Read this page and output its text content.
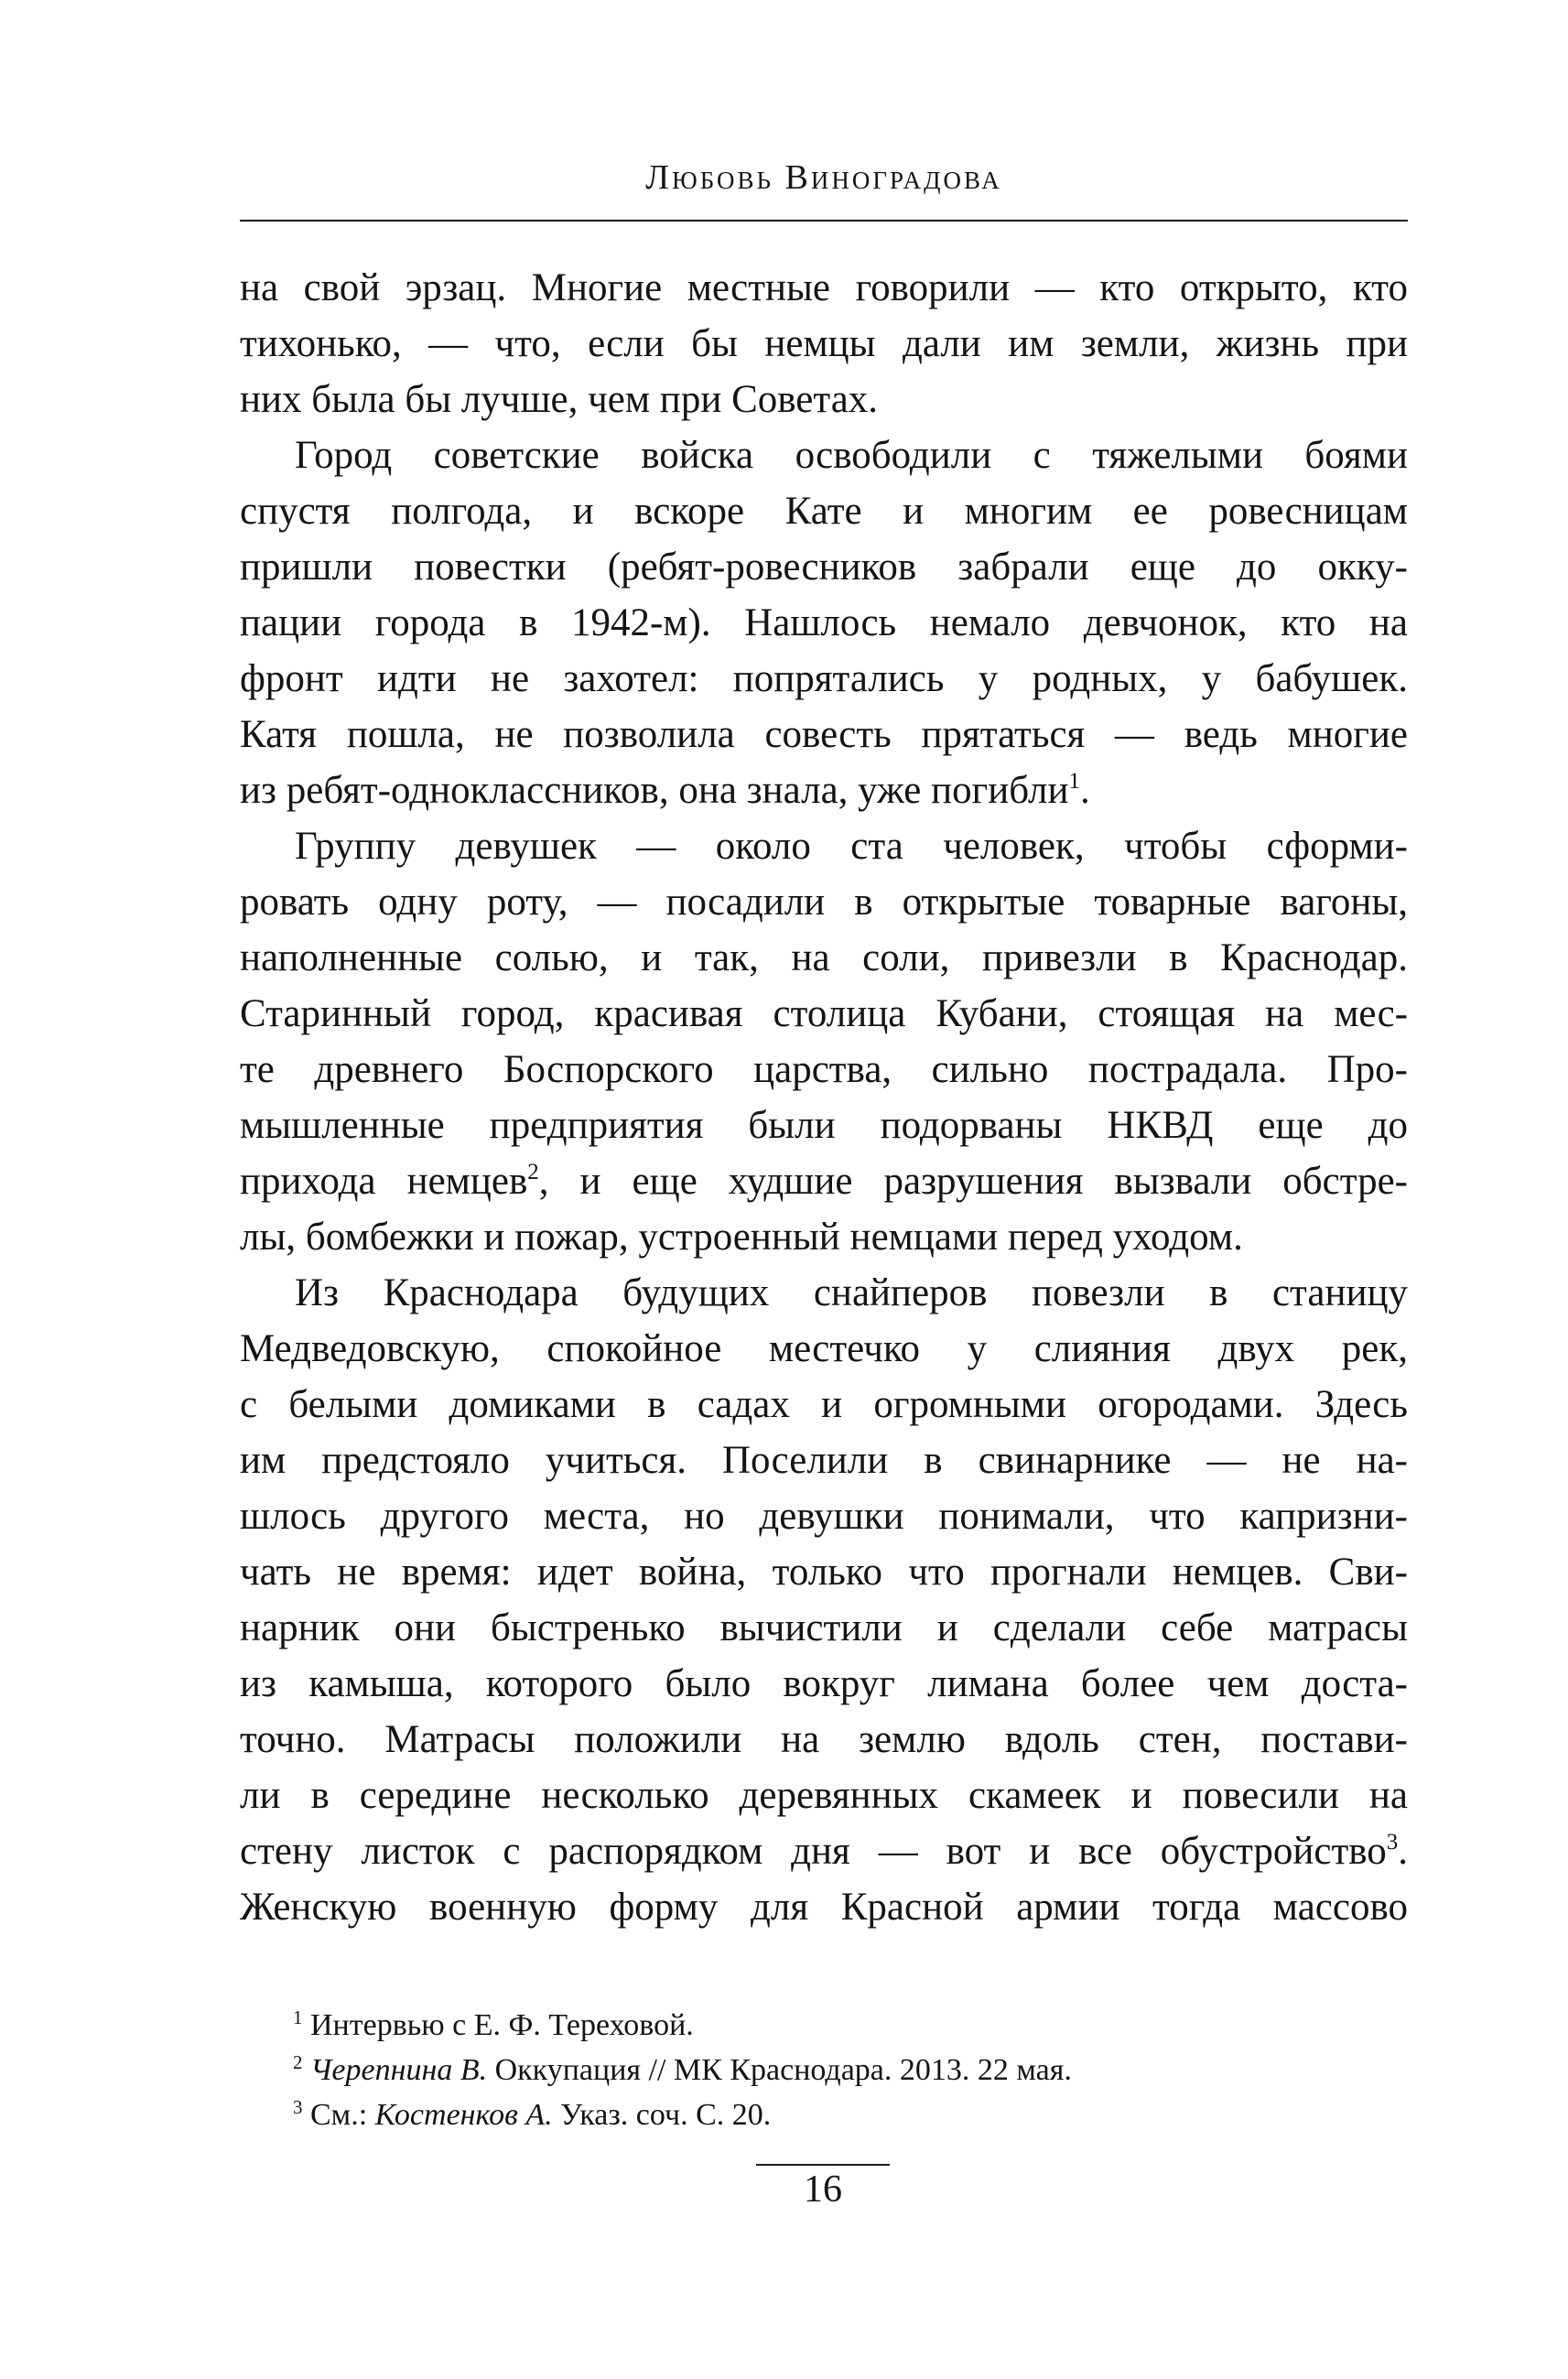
Любовь Виноградова
на свой эрзац. Многие местные говорили — кто открыто, кто
тихонько, — что, если бы немцы дали им земли, жизнь при
них была бы лучше, чем при Советах.
Город советские войска освободили с тяжелыми боями
спустя полгода, и вскоре Кате и многим ее ровесницам
пришли повестки (ребят-ровесников забрали еще до окку-
пации города в 1942-м). Нашлось немало девчонок, кто на
фронт идти не захотел: попрятались у родных, у бабушек.
Катя пошла, не позволила совесть прятаться — ведь многие
из ребят-одноклассников, она знала, уже погибли$^1$.
Группу девушек — около ста человек, чтобы сформи-
ровать одну роту, — посадили в открытые товарные вагоны,
наполненные солью, и так, на соли, привезли в Краснодар.
Старинный город, красивая столица Кубани, стоящая на мес-
те древнего Боспорского царства, сильно пострадала. Про-
мышленные предприятия были подорваны НКВД еще до
прихода немцев$^2$, и еще худшие разрушения вызвали обстре-
лы, бомбежки и пожар, устроенный немцами перед уходом.
Из Краснодара будущих снайперов повезли в станицу
Медведовскую, спокойное местечко у слияния двух рек,
с белыми домиками в садах и огромными огородами. Здесь
им предстояло учиться. Поселили в свинарнике — не на-
шлось другого места, но девушки понимали, что капризни-
чать не время: идет война, только что прогнали немцев. Сви-
нарник они быстренько вычистили и сделали себе матрасы
из камыша, которого было вокруг лимана более чем доста-
точно. Матрасы положили на землю вдоль стен, постави-
ли в середине несколько деревянных скамеек и повесили на
стену листок с распорядком дня — вот и все обустройство$^3$.
Женскую военную форму для Красной армии тогда массово
$^1$ Интервью с Е. Ф. Тереховой.
$^2$ Черепнина В. Оккупация // МК Краснодара. 2013. 22 мая.
$^3$ См.: Костенков А. Указ. соч. С. 20.
16
